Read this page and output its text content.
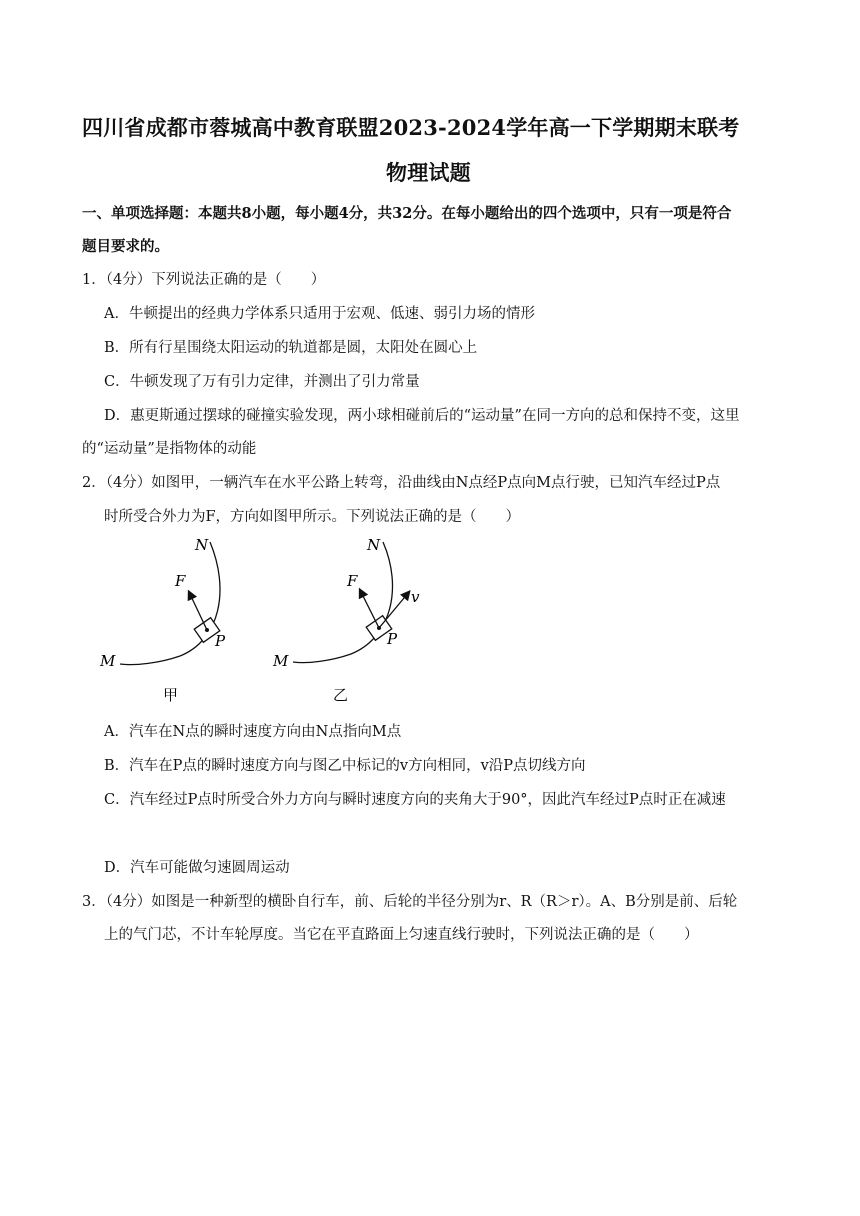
四川省成都市蓉城高中教育联盟2023-2024学年高一下学期期末联考
物理试题
一、单项选择题：本题共8小题，每小题4分，共32分。在每小题给出的四个选项中，只有一项是符合
题目要求的。
1．（4分）下列说法正确的是（　　）
A．牛顿提出的经典力学体系只适用于宏观、低速、弱引力场的情形
B．所有行星围绕太阳运动的轨道都是圆，太阳处在圆心上
C．牛顿发现了万有引力定律，并测出了引力常量
D．惠更斯通过摆球的碰撞实验发现，两小球相碰前后的“运动量”在同一方向的总和保持不变，这里
的“运动量”是指物体的动能
2．（4分）如图甲，一辆汽车在水平公路上转弯，沿曲线由N点经P点向M点行驶，已知汽车经过P点
时所受合外力为F，方向如图甲所示。下列说法正确的是（　　）
N
F
P
M
甲
N
F
v
P
M
乙
A．汽车在N点的瞬时速度方向由N点指向M点
B．汽车在P点的瞬时速度方向与图乙中标记的v方向相同，v沿P点切线方向
C．汽车经过P点时所受合外力方向与瞬时速度方向的夹角大于90°，因此汽车经过P点时正在减速
D．汽车可能做匀速圆周运动
3．（4分）如图是一种新型的横卧自行车，前、后轮的半径分别为r、R（R＞r）。A、B分别是前、后轮
上的气门芯，不计车轮厚度。当它在平直路面上匀速直线行驶时，下列说法正确的是（　　）
